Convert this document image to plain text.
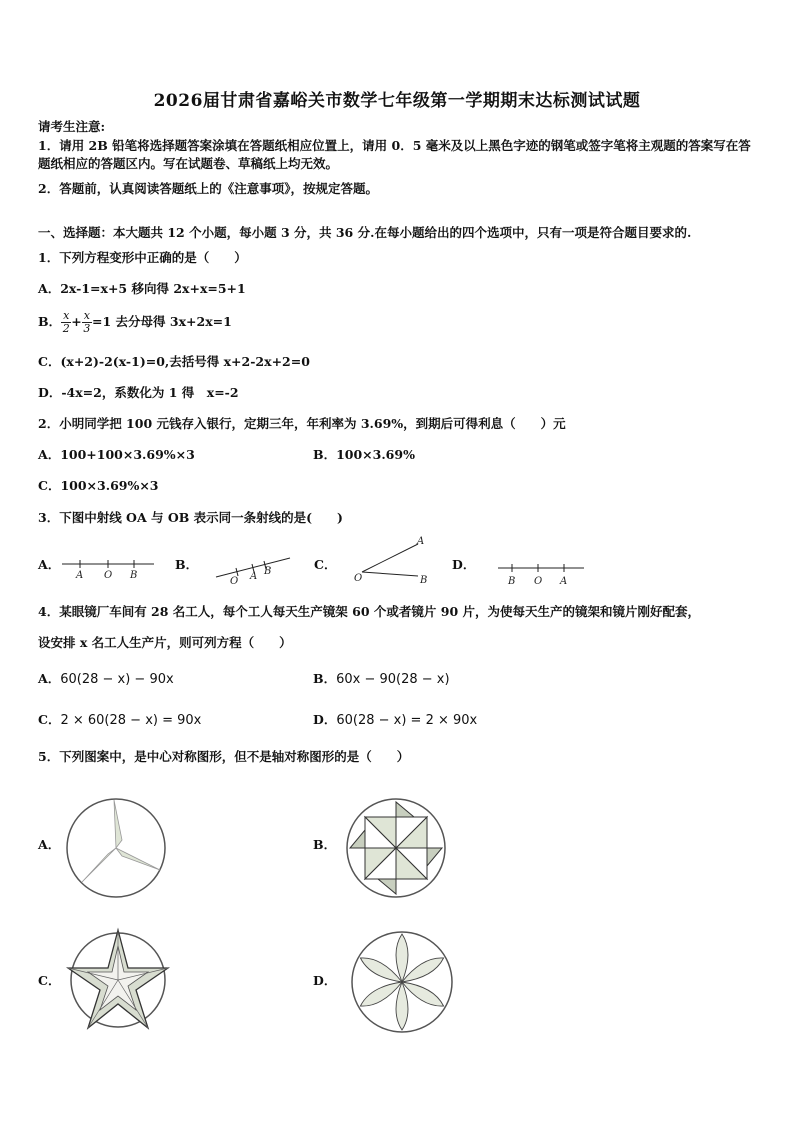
2026届甘肃省嘉峪关市数学七年级第一学期期末达标测试试题
请考生注意:
1．请用 2B 铅笔将选择题答案涂填在答题纸相应位置上，请用 0．5 毫米及以上黑色字迹的钢笔或签字笔将主观题的答案写在答题纸相应的答题区内。写在试题卷、草稿纸上均无效。
2．答题前，认真阅读答题纸上的《注意事项》，按规定答题。
一、选择题：本大题共 12 个小题，每小题 3 分，共 36 分.在每小题给出的四个选项中，只有一项是符合题目要求的.
1．下列方程变形中正确的是（　　）
A．2x-1=x+5 移向得 2x+x=5+1
B． $\frac{x}{2} + \frac{x}{3} =1$ 去分母得 3x+2x=1
C．(x+2)-2(x-1)=0,去括号得 x+2-2x+2=0
D．-4x=2，系数化为 1 得　x=-2
2．小明同学把 100 元钱存入银行，定期三年，年利率为 3.69%，到期后可得利息（　　）元
A．100+100×3.69%×3	B．100×3.69%
C．100×3.69%×3
3．下图中射线 OA 与 OB 表示同一条射线的是(　　)
A．	B．	C．	D．
A O B
O A B
A
O	B	B O A
4．某眼镜厂车间有 28 名工人，每个工人每天生产镜架 60 个或者镜片 90 片，为使每天生产的镜架和镜片刚好配套，
设安排 x 名工人生产片，则可列方程（　　）
A．60(28 − x) − 90x	B．60x − 90(28 − x)
C．2 × 60(28 − x) = 90x	D．60(28 − x) = 2 × 90x
5．下列图案中，是中心对称图形，但不是轴对称图形的是（　　）
A．	B．
C．	D．
